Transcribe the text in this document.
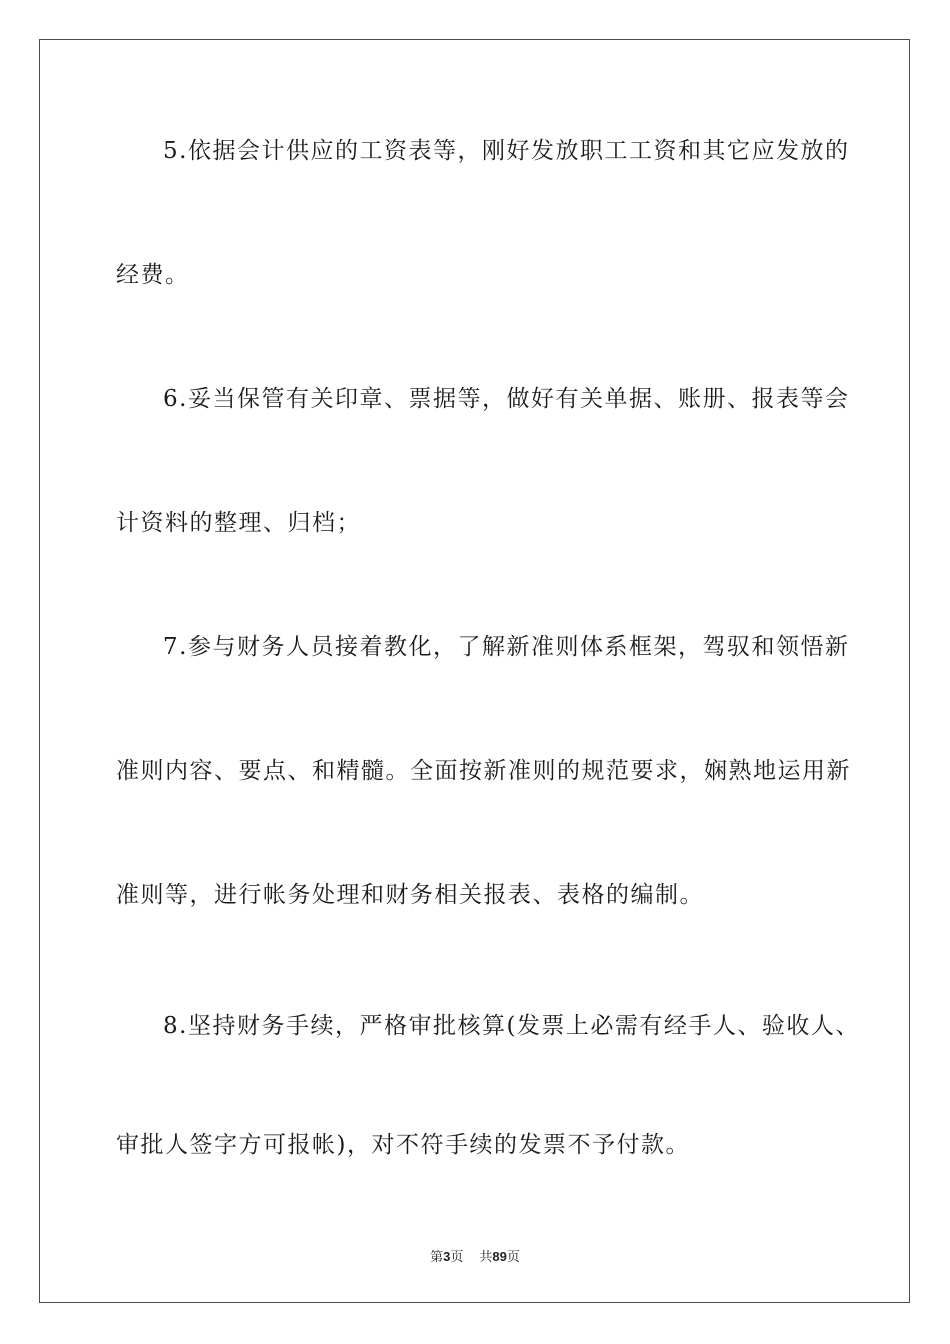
5.依据会计供应的工资表等，刚好发放职工工资和其它应发放的
经费。
6.妥当保管有关印章、票据等，做好有关单据、账册、报表等会
计资料的整理、归档；
7.参与财务人员接着教化，了解新准则体系框架，驾驭和领悟新
准则内容、要点、和精髓。全面按新准则的规范要求，娴熟地运用新
准则等，进行帐务处理和财务相关报表、表格的编制。
8.坚持财务手续，严格审批核算(发票上必需有经手人、验收人、
审批人签字方可报帐)，对不符手续的发票不予付款。
第3页 共89页
